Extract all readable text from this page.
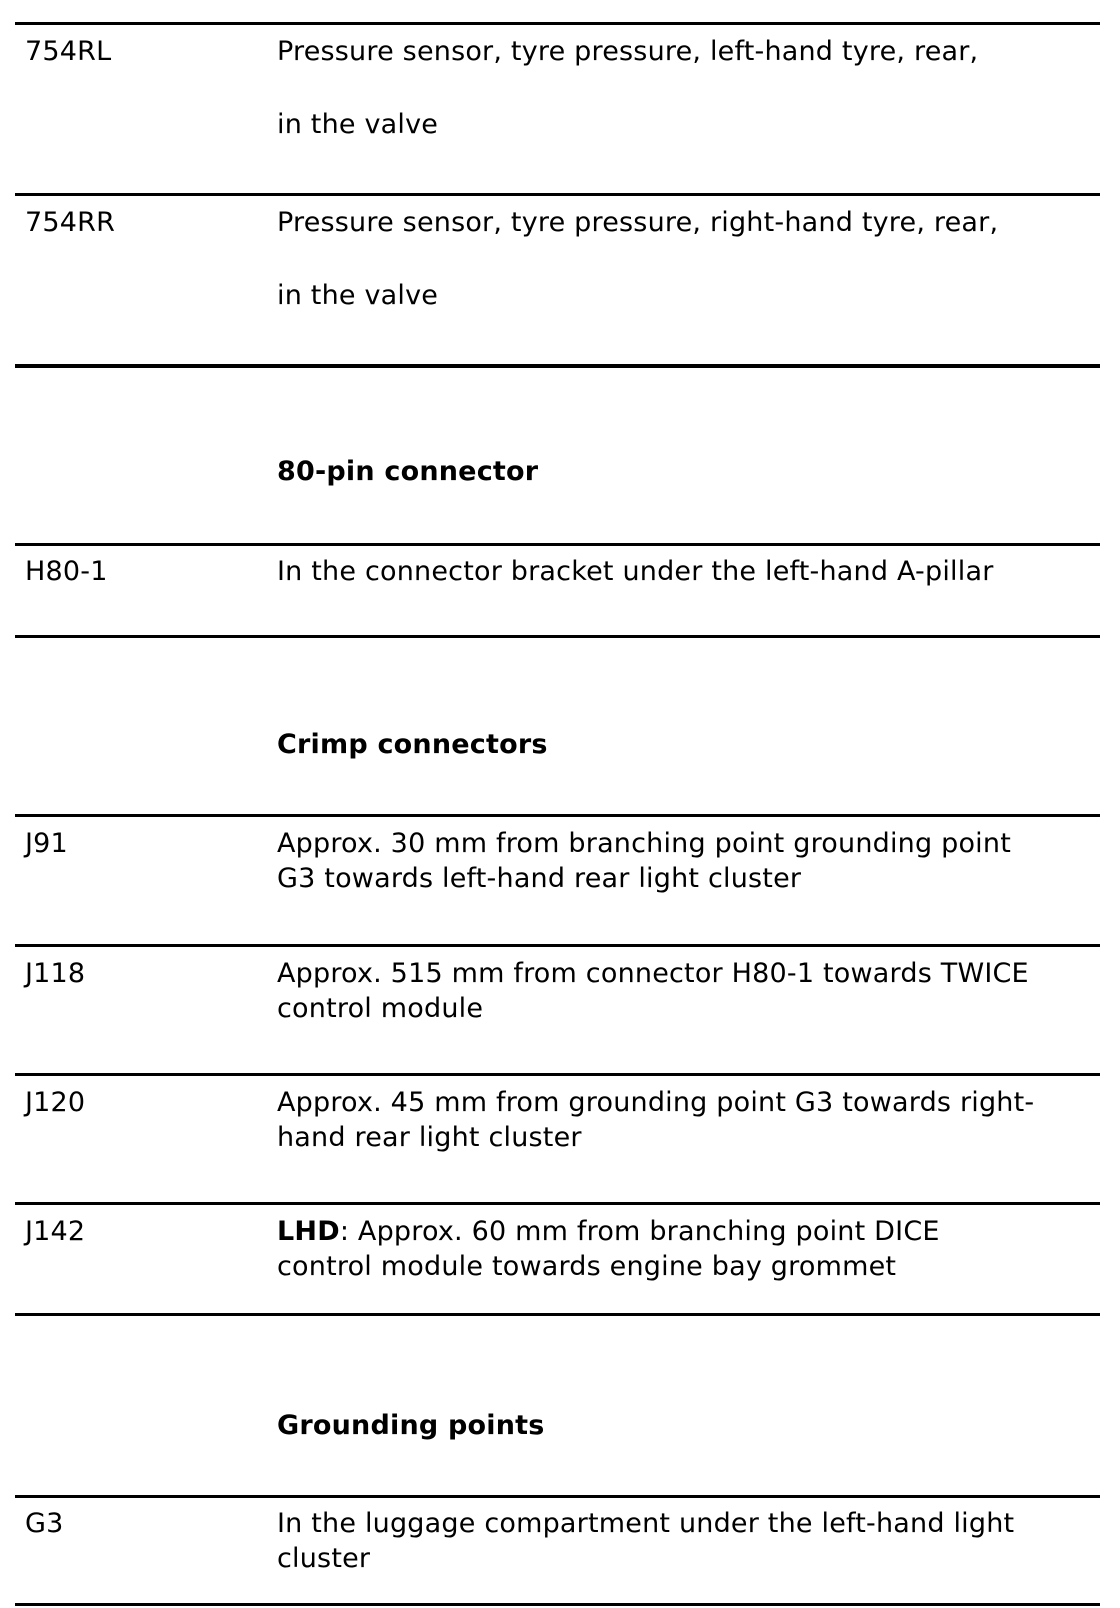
754RL	Pressure sensor, tyre pressure, left-hand tyre, rear,
in the valve
754RR	Pressure sensor, tyre pressure, right-hand tyre, rear,
in the valve
80-pin connector
H80-1	In the connector bracket under the left-hand A-pillar
Crimp connectors
J91	Approx. 30 mm from branching point grounding point
G3 towards left-hand rear light cluster
J118	Approx. 515 mm from connector H80-1 towards TWICE
control module
J120	Approx. 45 mm from grounding point G3 towards right-
hand rear light cluster
J142	LHD: Approx. 60 mm from branching point DICE
control module towards engine bay grommet
Grounding points
G3	In the luggage compartment under the left-hand light
cluster
